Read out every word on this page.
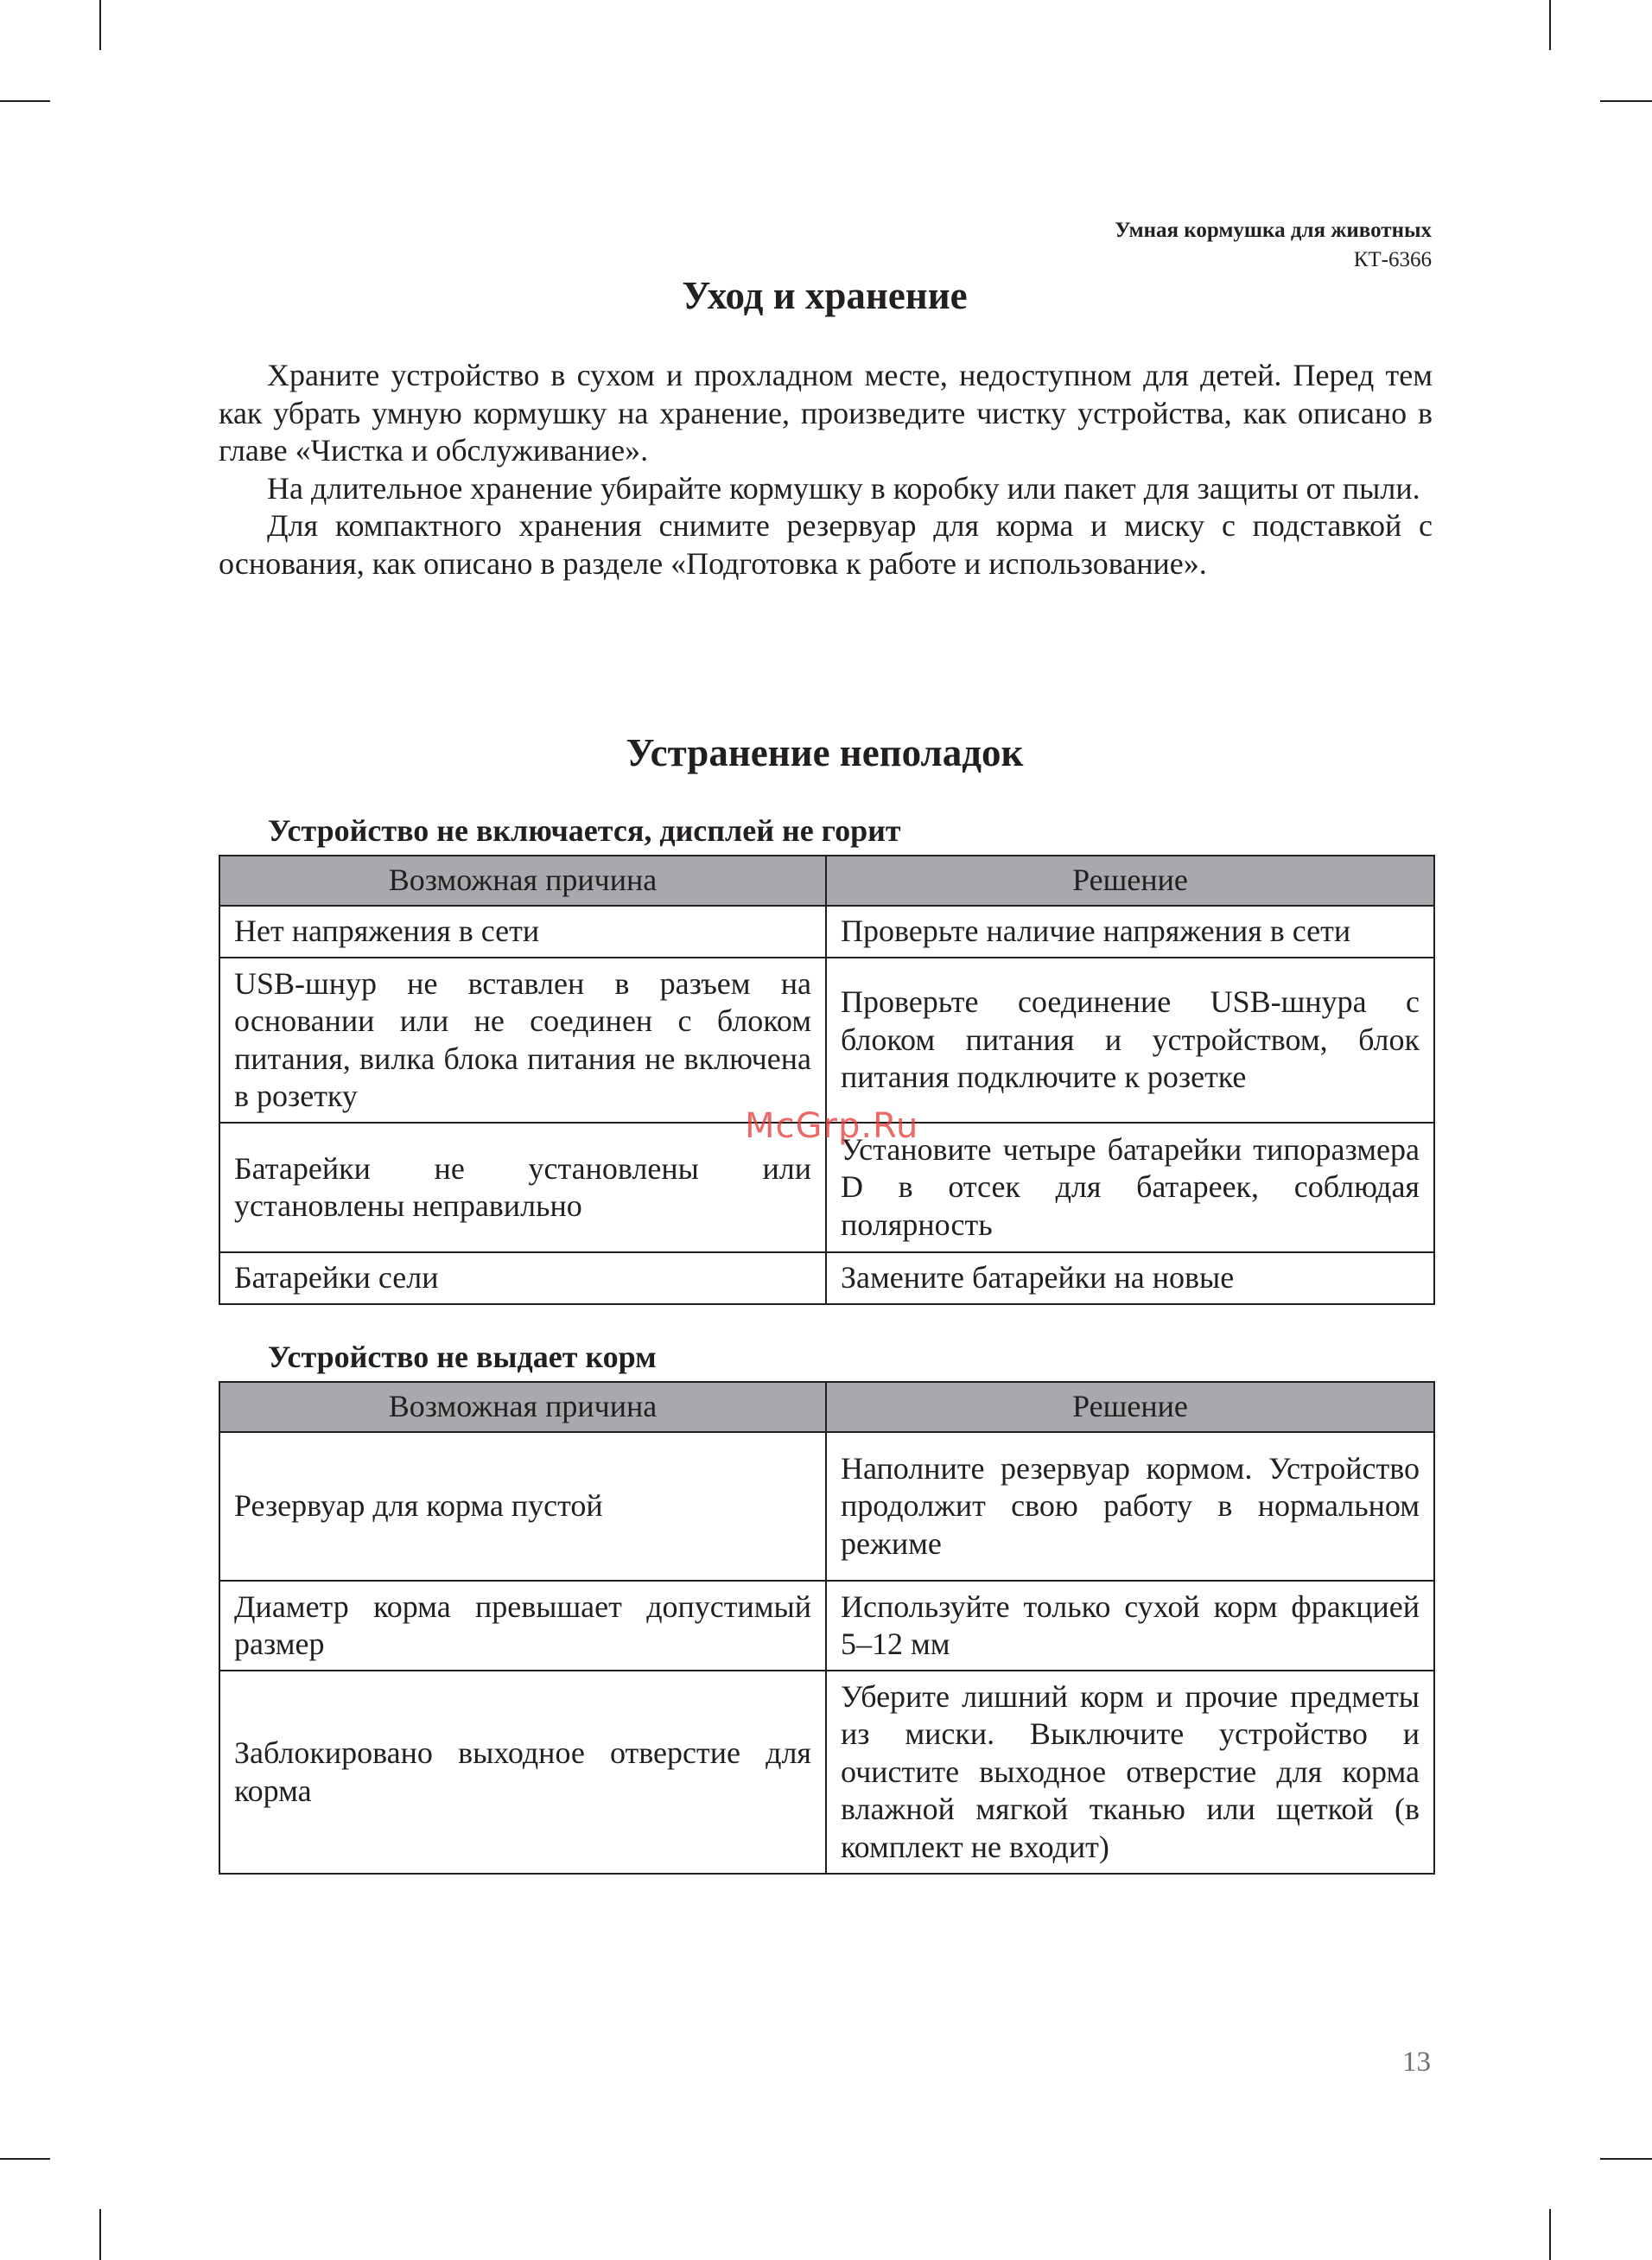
Умная кормушка для животных
КТ-6366
Уход и хранение

Храните устройство в сухом и прохладном месте, недоступном для детей. Перед тем как убрать умную кормушку на хранение, произведите чистку устройства, как описано в главе «Чистка и обслуживание».

На длительное хранение убирайте кормушку в коробку или пакет для защиты от пыли.

Для компактного хранения снимите резервуар для корма и миску с подставкой с основания, как описано в разделе «Подготовка к работе и использование».

Устранение неполадок
Устройство не включается, дисплей не горит
Возможная причина	Решение
Нет напряжения в сети	Проверьте наличие напряжения в сети
USB-шнур не вставлен в разъем на основании или не соединен с блоком питания, вилка блока питания не включена в розетку	Проверьте соединение USB-шнура с блоком питания и устройством, блок питания подключите к розетке
Батарейки не установлены или установлены неправильно	Установите четыре батарейки типоразмера D в отсек для батареек, соблюдая полярность
Батарейки сели	Замените батарейки на новые
Устройство не выдает корм
Возможная причина	Решение
Резервуар для корма пустой	Наполните резервуар кормом. Устройство продолжит свою работу в нормальном режиме
Диаметр корма превышает допустимый размер	Используйте только сухой корм фракцией 5–12 мм
Заблокировано выходное отверстие для корма	Уберите лишний корм и прочие предметы из миски. Выключите устройство и очистите выходное отверстие для корма влажной мягкой тканью или щеткой (в комплект не входит)
McGrp.Ru
13
